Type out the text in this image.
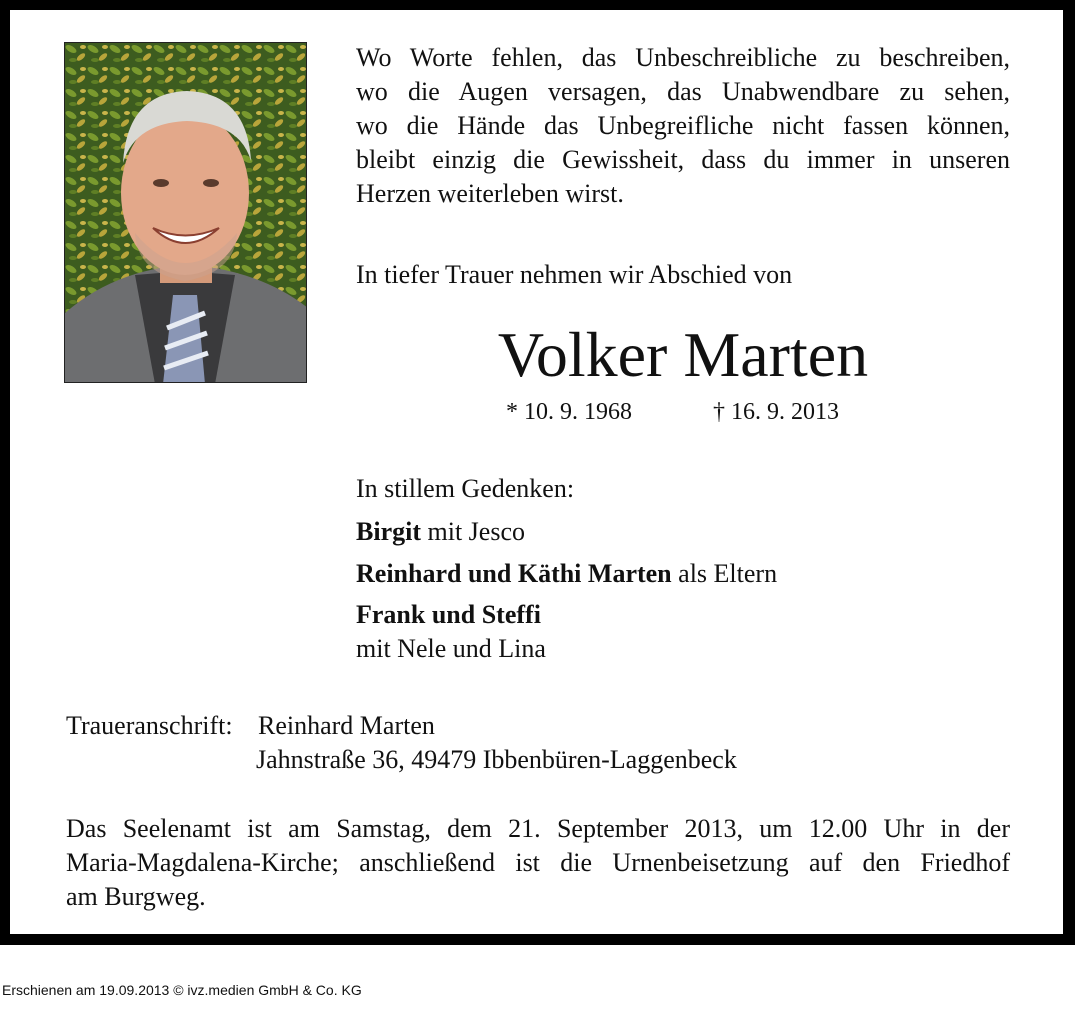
Wo Worte fehlen, das Unbeschreibliche zu beschreiben,
wo die Augen versagen, das Unabwendbare zu sehen,
wo die Hände das Unbegreifliche nicht fassen können,
bleibt einzig die Gewissheit, dass du immer in unseren
Herzen weiterleben wirst.
In tiefer Trauer nehmen wir Abschied von
Volker Marten
* 10. 9. 1968	† 16. 9. 2013
In stillem Gedenken:
Birgit mit Jesco
Reinhard und Käthi Marten als Eltern
Frank und Steffi
mit Nele und Lina
Traueranschrift: Reinhard Marten
Jahnstraße 36, 49479 Ibbenbüren-Laggenbeck
Das Seelenamt ist am Samstag, dem 21. September 2013, um 12.00 Uhr in der
Maria-Magdalena-Kirche; anschließend ist die Urnenbeisetzung auf den Friedhof
am Burgweg.
Erschienen am 19.09.2013 © ivz.medien GmbH & Co. KG
